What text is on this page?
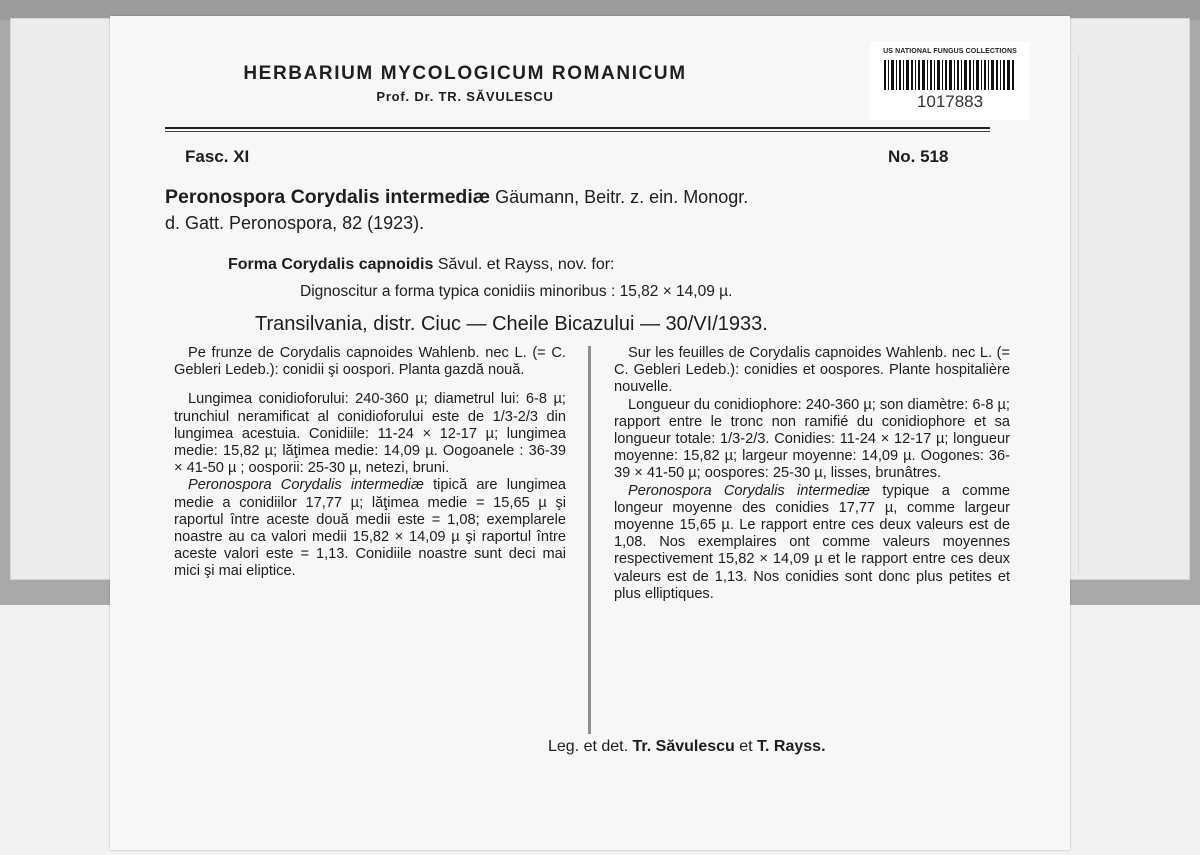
HERBARIUM MYCOLOGICUM ROMANICUM
Prof. Dr. TR. SĂVULESCU
US NATIONAL FUNGUS COLLECTIONS
1017883
Fasc. XI	No. 518
Peronospora Corydalis intermediæ Gäumann, Beitr. z. ein. Monogr.
d. Gatt. Peronospora, 82 (1923).
Forma Corydalis capnoidis Săvul. et Rayss, nov. for:
Dignoscitur a forma typica conidiis minoribus : 15,82 × 14,09 µ.
Transilvania, distr. Ciuc — Cheile Bicazului — 30/VI/1933.

Pe frunze de Corydalis capnoides Wahlenb. nec L. (= C. Gebleri Ledeb.): conidii şi oospori. Planta gazdă nouă.

Lungimea conidioforului: 240-360 µ; diametrul lui: 6-8 µ; trunchiul neramificat al conidioforului este de 1/3-2/3 din lungimea acestuia. Conidiile: 11-24 × 12-17 µ; lungimea medie: 15,82 µ; lăţimea medie: 14,09 µ. Oogoanele : 36-39 × 41-50 µ ; oosporii: 25-30 µ, netezi, bruni.

Peronospora Corydalis intermediæ tipică are lungimea medie a conidiilor 17,77 µ; lăţimea medie = 15,65 µ şi raportul între aceste două medii este = 1,08; exemplarele noastre au ca valori medii 15,82 × 14,09 µ şi raportul între aceste valori este = 1,13. Conidiile noastre sunt deci mai mici şi mai eliptice.

Sur les feuilles de Corydalis capnoides Wahlenb. nec L. (= C. Gebleri Ledeb.): conidies et oospores. Plante hospitalière nouvelle.

Longueur du conidiophore: 240-360 µ; son diamètre: 6-8 µ; rapport entre le tronc non ramifié du conidiophore et sa longueur totale: 1/3-2/3. Conidies: 11-24 × 12-17 µ; longueur moyenne: 15,82 µ; largeur moyenne: 14,09 µ. Oogones: 36-39 × 41-50 µ; oospores: 25-30 µ, lisses, brunâtres.

Peronospora Corydalis intermediæ typique a comme longeur moyenne des conidies 17,77 µ, comme largeur moyenne 15,65 µ. Le rapport entre ces deux valeurs est de 1,08. Nos exemplaires ont comme valeurs moyennes respectivement 15,82 × 14,09 µ et le rapport entre ces deux valeurs est de 1,13. Nos conidies sont donc plus petites et plus elliptiques.

Leg. et det. Tr. Săvulescu et T. Rayss.
